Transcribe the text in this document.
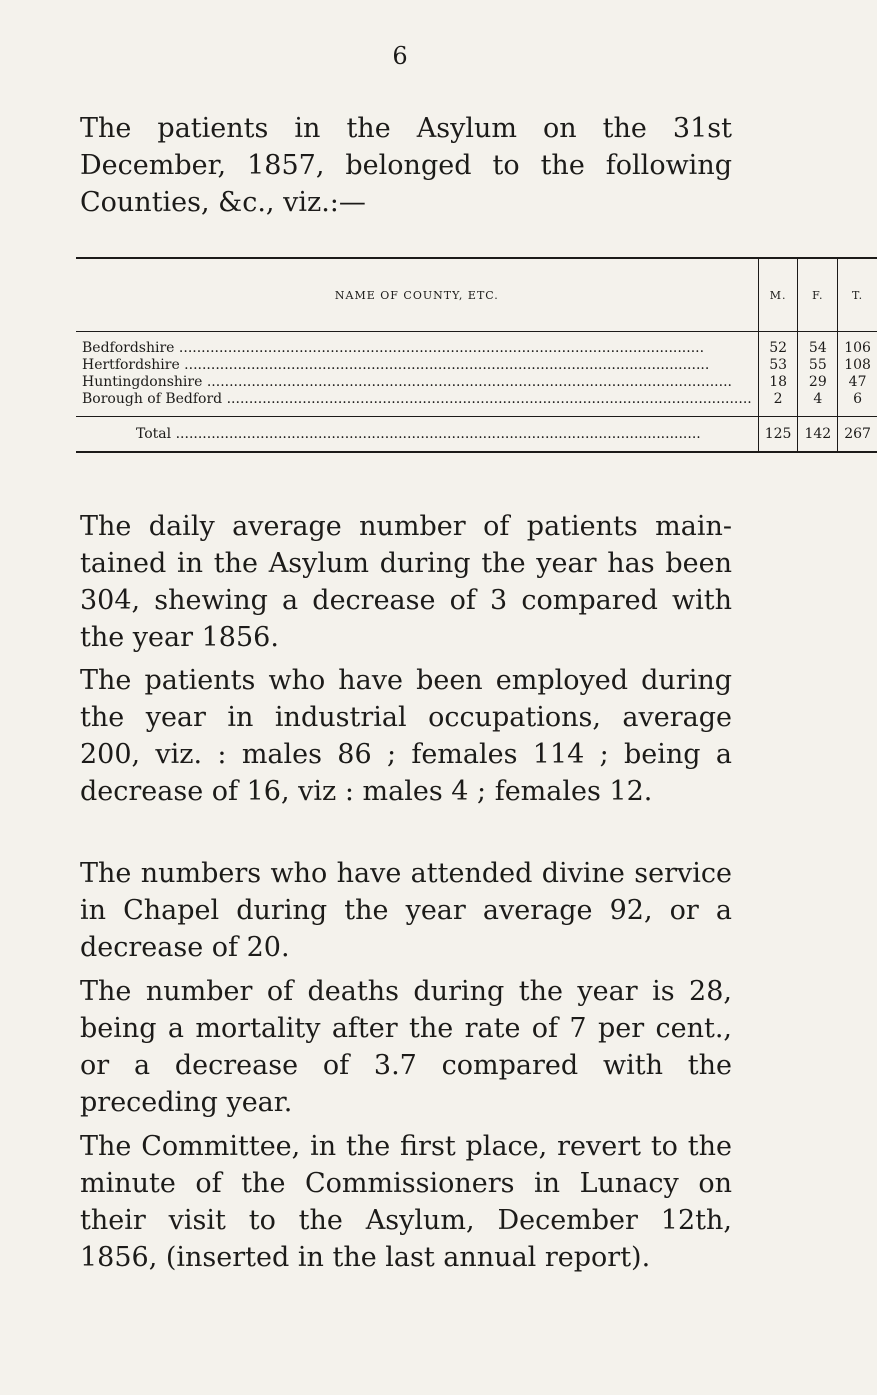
6

The patients in the Asylum on the 31st December, 1857, belonged to the following Counties, &c., viz.:—

NAME OF COUNTY, ETC.	M.	F.	T.

Bedfordshire .....	52	54	106

Hertfordshire .....	53	55	108

Huntingdonshire .....	18	29	47

Borough of Bedford .....	2	4	6

Total .....	125	142	267

The daily average number of patients maintained in the Asylum during the year has been 304, shewing a decrease of 3 compared with the year 1856.

The patients who have been employed during the year in industrial occupations, average 200, viz. : males 86 ; females 114 ; being a decrease of 16, viz : males 4 ; females 12.

The numbers who have attended divine service in Chapel during the year average 92, or a decrease of 20.

The number of deaths during the year is 28, being a mortality after the rate of 7 per cent., or a decrease of 3.7 compared with the preceding year.

The Committee, in the first place, revert to the minute of the Commissioners in Lunacy on their visit to the Asylum, December 12th, 1856, (inserted in the last annual report).
